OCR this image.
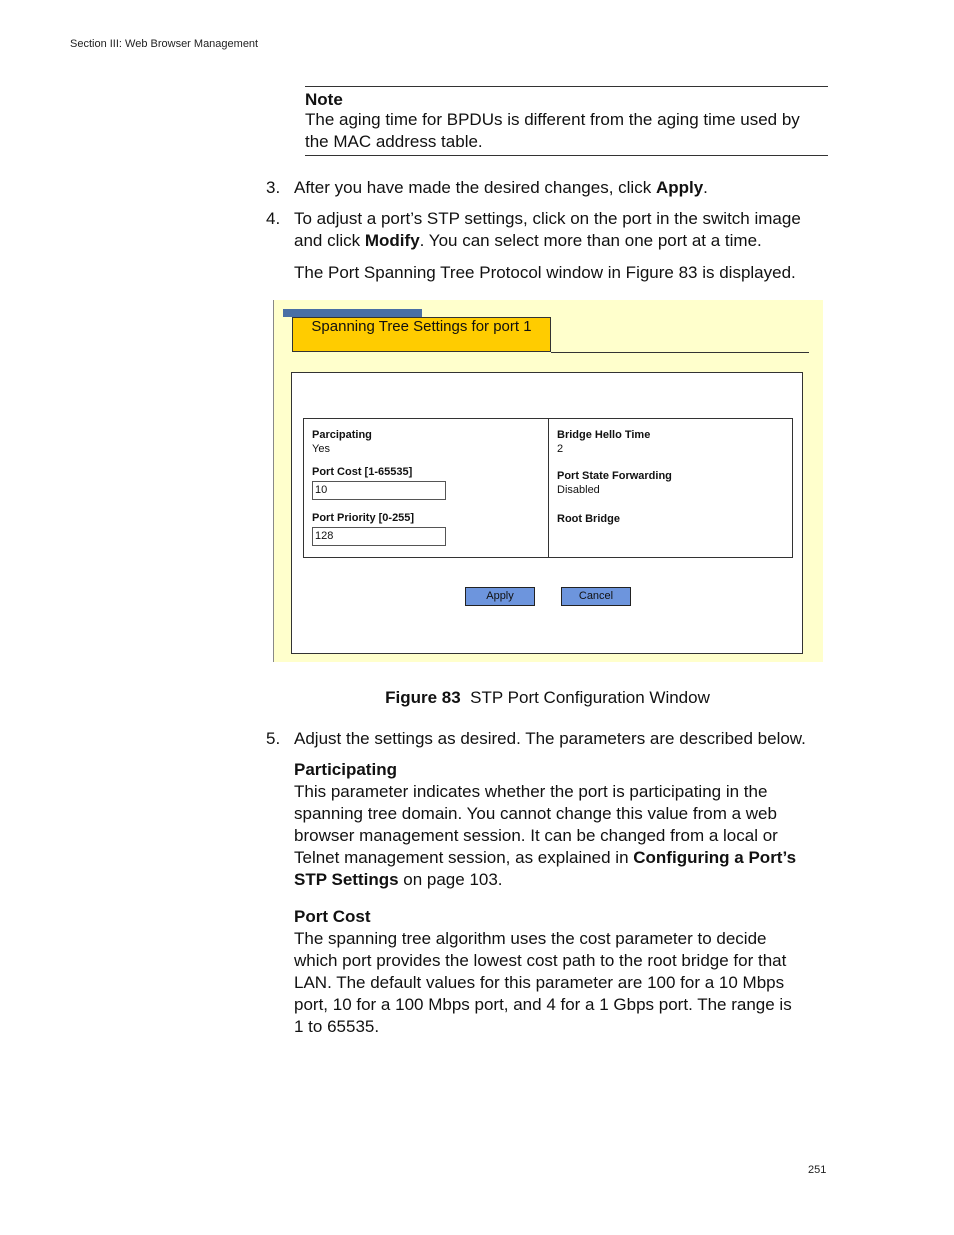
Section III: Web Browser Management
Note
The aging time for BPDUs is different from the aging time used by the MAC address table.
3. After you have made the desired changes, click Apply.
4. To adjust a port’s STP settings, click on the port in the switch image and click Modify. You can select more than one port at a time.
The Port Spanning Tree Protocol window in Figure 83 is displayed.
Spanning Tree Settings for port 1
Parcipating
Yes
Port Cost [1-65535]
10
Port Priority [0-255]
128
Bridge Hello Time
2
Port State Forwarding
Disabled
Root Bridge
Apply	Cancel
Figure 83 STP Port Configuration Window
5. Adjust the settings as desired. The parameters are described below.
Participating
This parameter indicates whether the port is participating in the spanning tree domain. You cannot change this value from a web browser management session. It can be changed from a local or Telnet management session, as explained in Configuring a Port’s STP Settings on page 103.
Port Cost
The spanning tree algorithm uses the cost parameter to decide which port provides the lowest cost path to the root bridge for that LAN. The default values for this parameter are 100 for a 10 Mbps port, 10 for a 100 Mbps port, and 4 for a 1 Gbps port. The range is 1 to 65535.
251
